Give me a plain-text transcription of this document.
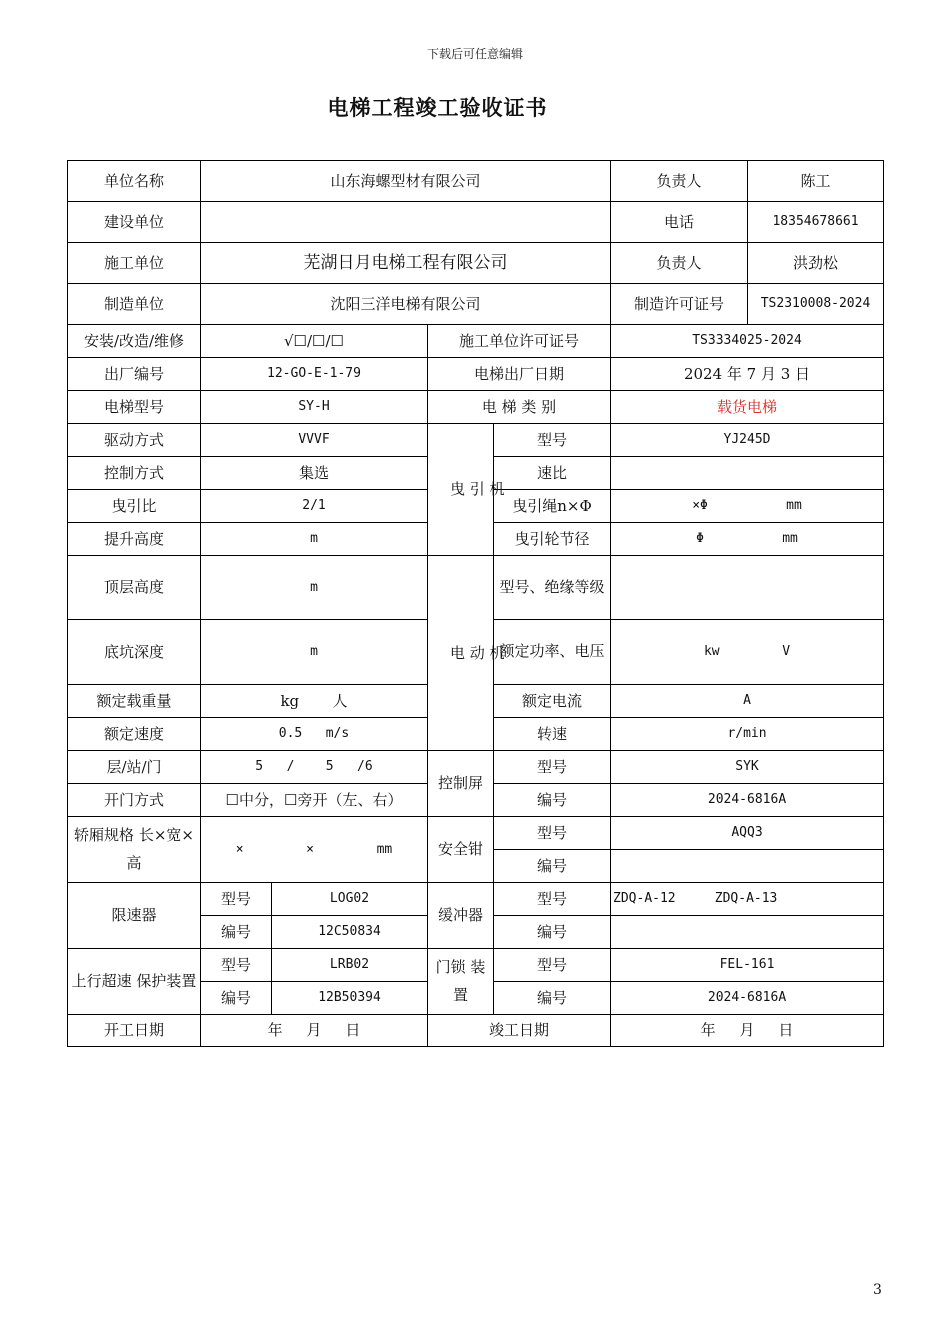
下载后可任意编辑
电梯工程竣工验收证书
单位名称	山东海螺型材有限公司				负责人	陈工
建设单位					电话	18354678661
施工单位	芜湖日月电梯工程有限公司				负责人	洪劲松
制造单位	沈阳三洋电梯有限公司				制造许可证号	TS2310008-2024
安装/改造/维修	√☐/☐/☐		施工单位许可证号		TS3334025-2024	
出厂编号	12-GO-E-1-79		电梯出厂日期		2024 年 7 月 3 日	
电梯型号	SY-H		电 梯 类 别		载货电梯	
驱动方式	VVVF		曳 引 机	型号	YJ245D	
控制方式	集选			速比		
曳引比	2/1			曳引绳n×Φ	×Φ          mm	
提升高度	m			曳引轮节径	Φ          mm	
顶层高度	m		电 动 机	型号、绝缘等级		
底坑深度	m			额定功率、电压	kw        V	
额定载重量	kg       人			额定电流	A	
额定速度	0.5   m/s			转速	r/min	
层/站/门	5   /    5   /6		控制屏	型号	SYK	
开门方式	☐中分，☐旁开（左、右）			编号	2024-6816A	
轿厢规格 长×宽×高	×        ×        mm		安全钳	型号	AQQ3	
				编号		
限速器	型号	LOG02	缓冲器	型号	ZDQ-A-12     ZDQ-A-13	
	编号	12C50834		编号		
上行超速 保护装置	型号	LRB02	门锁 装置	型号	FEL-161	
	编号	12B50394		编号	2024-6816A	
开工日期	年     月     日		竣工日期		年     月     日	
3
